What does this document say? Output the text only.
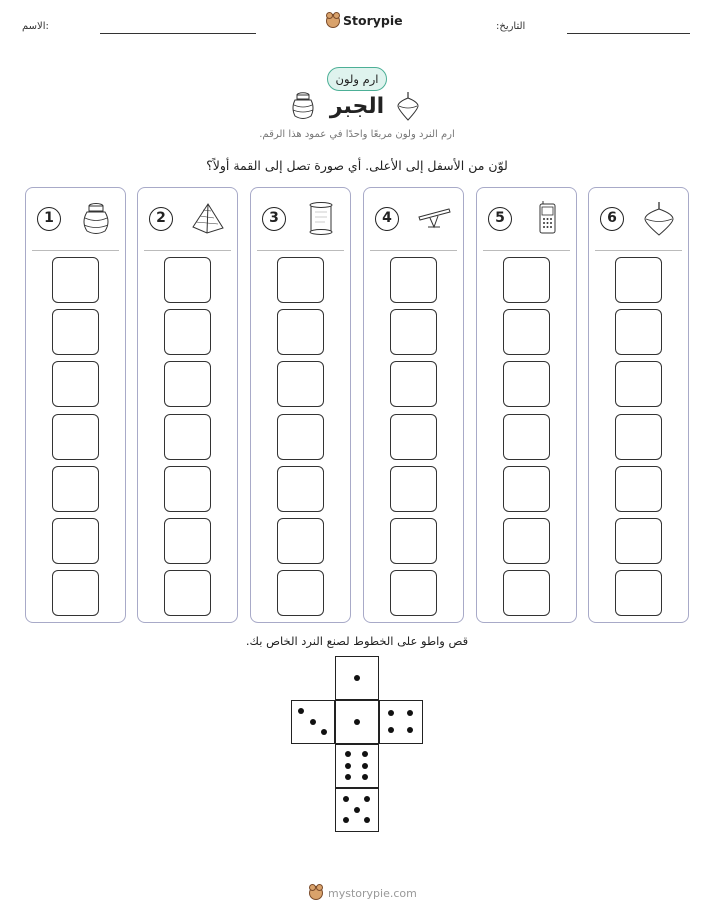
الاسم:	Storypie	التاريخ:
ارم ولون
الجبر
ارم النرد ولون مربعًا واحدًا في عمود هذا الرقم.
لوّن من الأسفل إلى الأعلى. أي صورة تصل إلى القمة أولاً؟
1	2	3	4	5	6
قص واطو على الخطوط لصنع النرد الخاص بك.
mystorypie.com
